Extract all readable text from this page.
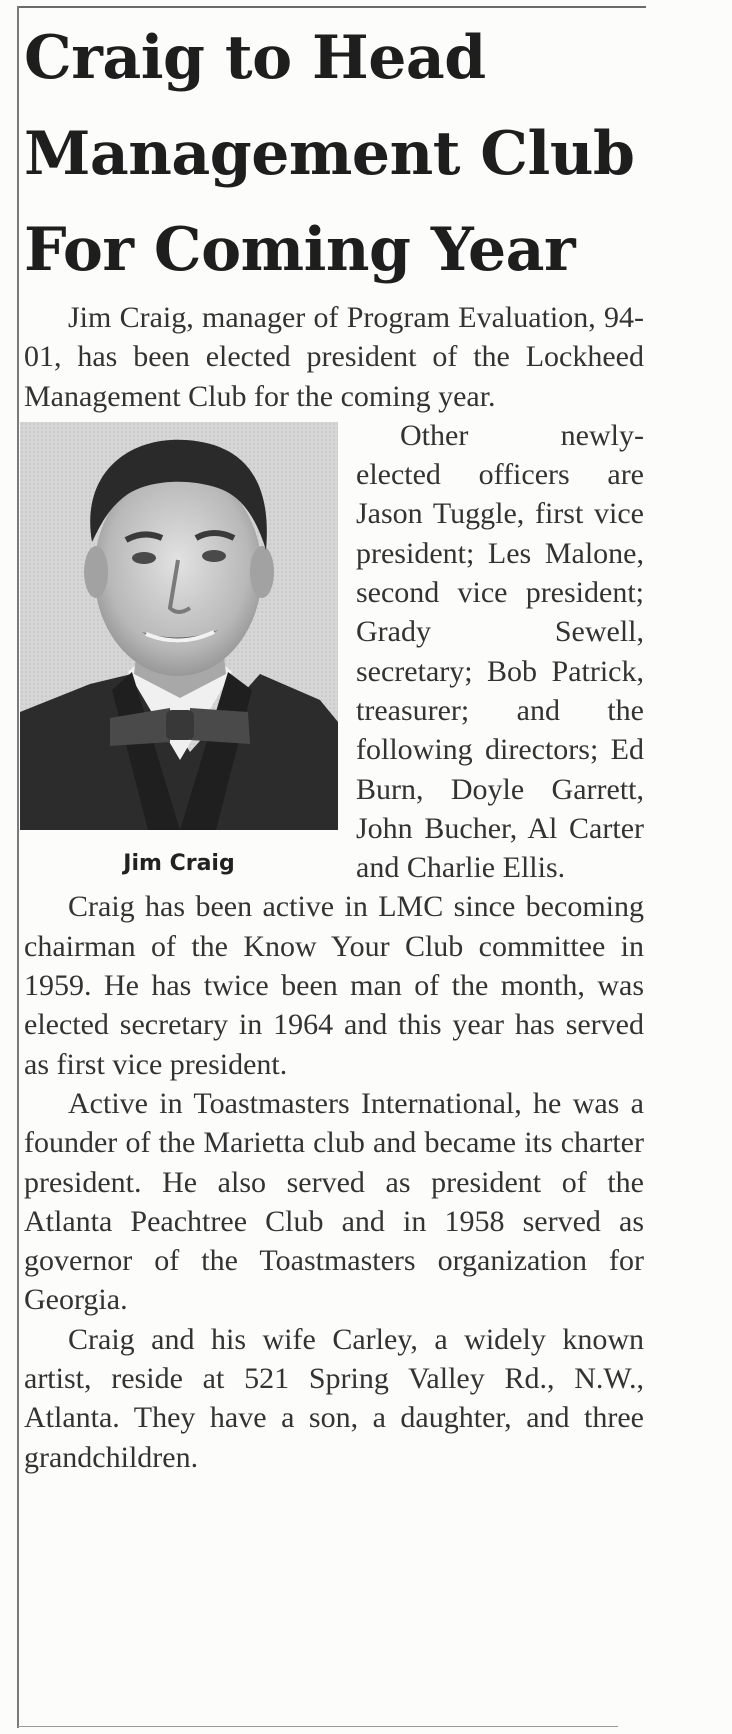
Craig to Head
Management Club
For Coming Year

Jim Craig, manager of Program Evaluation, 94-01, has been elected president of the Lockheed Management Club for the coming year.

Jim Craig
Other newly-elected officers are Jason Tuggle, first vice president; Les Malone, second vice president; Grady Sewell, secretary; Bob Patrick, treasurer; and the following directors; Ed Burn, Doyle Garrett, John Bucher, Al Carter and Charlie Ellis.

Craig has been active in LMC since becoming chairman of the Know Your Club committee in 1959. He has twice been man of the month, was elected secretary in 1964 and this year has served as first vice president.

Active in Toastmasters International, he was a founder of the Marietta club and became its charter president. He also served as president of the Atlanta Peachtree Club and in 1958 served as governor of the Toastmasters organization for Georgia.

Craig and his wife Carley, a widely known artist, reside at 521 Spring Valley Rd., N.W., Atlanta. They have a son, a daughter, and three grandchildren.
